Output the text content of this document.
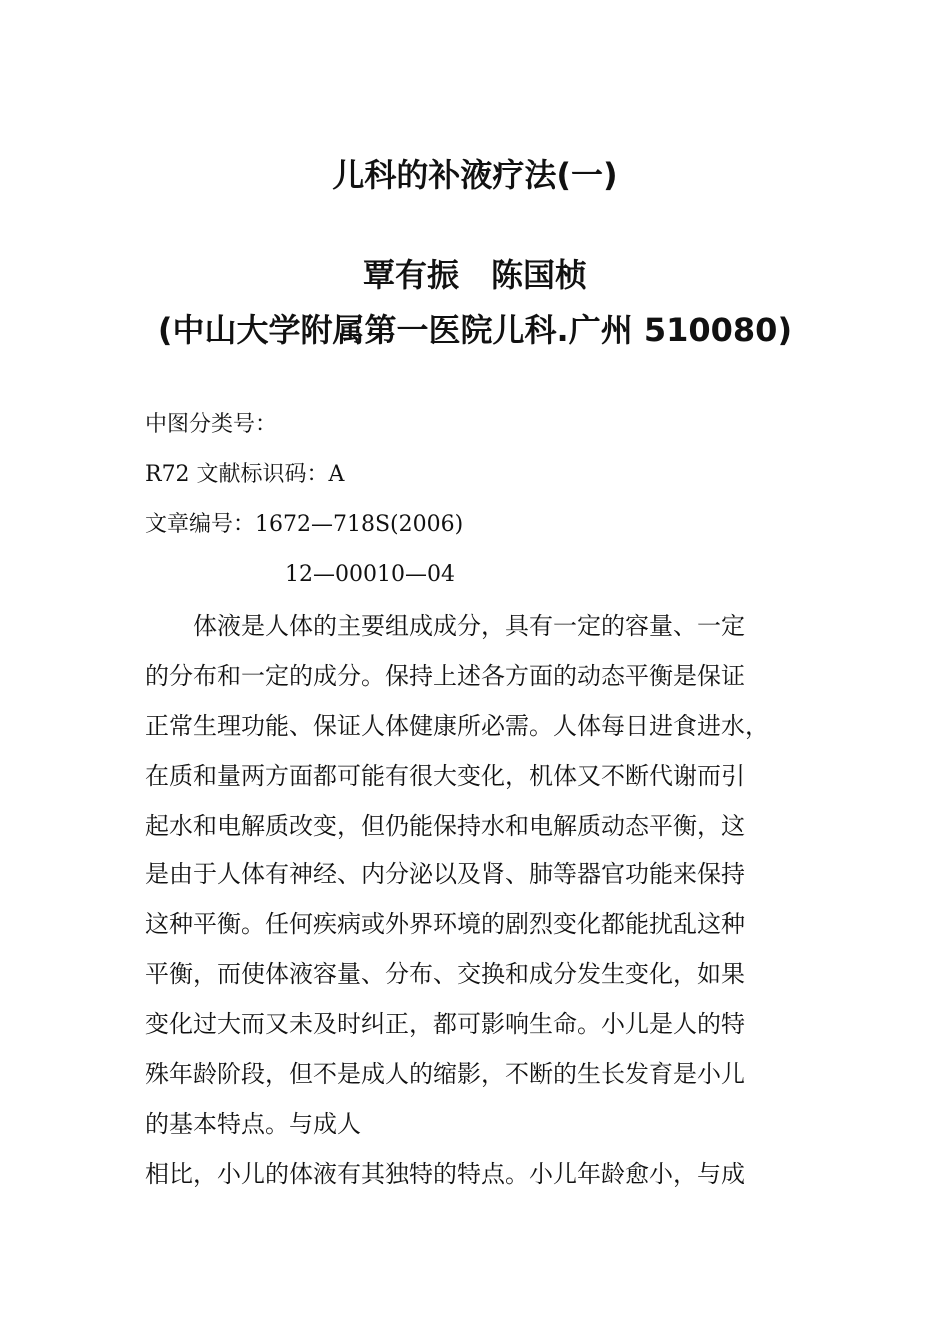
儿科的补液疗法(一)
覃有振　陈国桢
(中山大学附属第一医院儿科.广州 510080)
中图分类号：
R72 文献标识码：A
文章编号：1672—718S(2006)
12—00010—04
　　体液是人体的主要组成成分，具有一定的容量、一定
的分布和一定的成分。保持上述各方面的动态平衡是保证
正常生理功能、保证人体健康所必需。人体每日进食进水，
在质和量两方面都可能有很大变化，机体又不断代谢而引
起水和电解质改变，但仍能保持水和电解质动态平衡，这
是由于人体有神经、内分泌以及肾、肺等器官功能来保持
这种平衡。任何疾病或外界环境的剧烈变化都能扰乱这种
平衡，而使体液容量、分布、交换和成分发生变化，如果
变化过大而又未及时纠正，都可影响生命。小儿是人的特
殊年龄阶段，但不是成人的缩影，不断的生长发育是小儿
的基本特点。与成人
相比，小儿的体液有其独特的特点。小儿年龄愈小，与成
